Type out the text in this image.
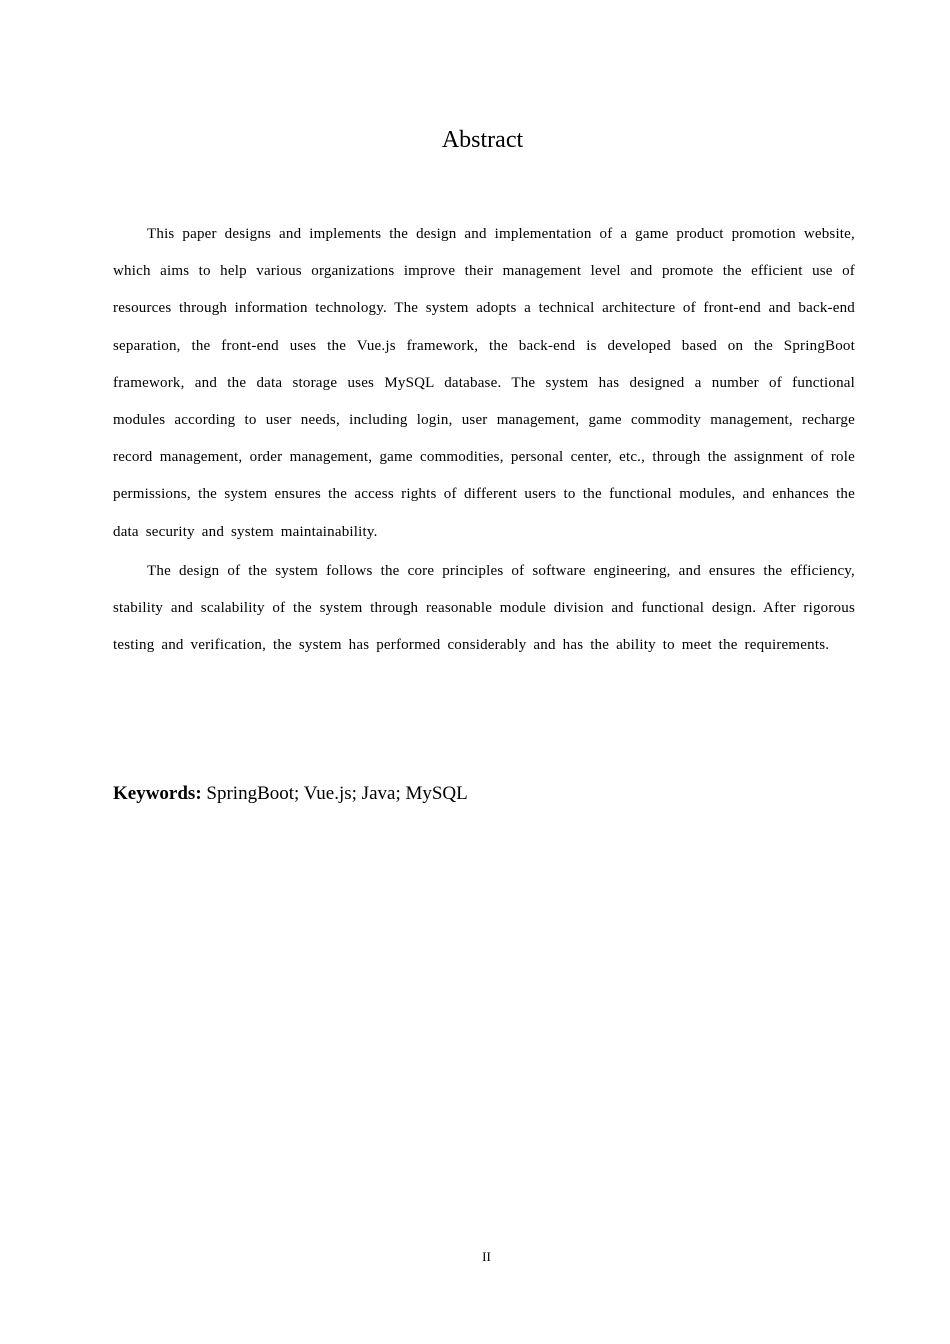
Abstract

This paper designs and implements the design and implementation of a game product promotion website, which aims to help various organizations improve their management level and promote the efficient use of resources through information technology. The system adopts a technical architecture of front-end and back-end separation, the front-end uses the Vue.js framework, the back-end is developed based on the SpringBoot framework, and the data storage uses MySQL database. The system has designed a number of functional modules according to user needs, including login, user management, game commodity management, recharge record management, order management, game commodities, personal center, etc., through the assignment of role permissions, the system ensures the access rights of different users to the functional modules, and enhances the data security and system maintainability.

The design of the system follows the core principles of software engineering, and ensures the efficiency, stability and scalability of the system through reasonable module division and functional design. After rigorous testing and verification, the system has performed considerably and has the ability to meet the requirements.

Keywords: SpringBoot; Vue.js; Java; MySQL

II
